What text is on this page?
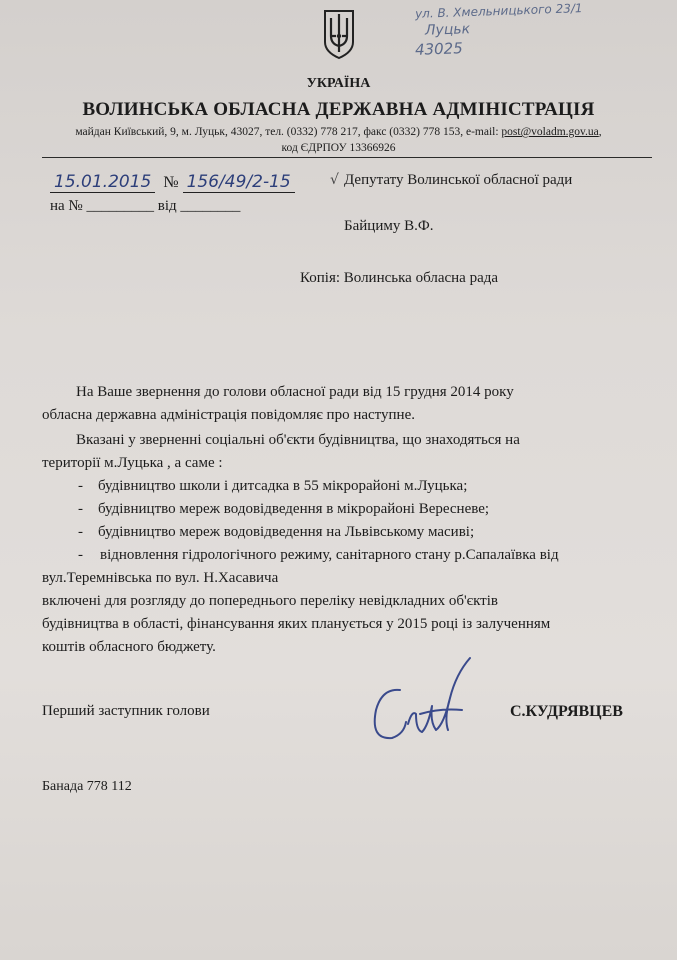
ул. В. Хмельницького 23/1
Луцьк
43025
УКРАЇНА
ВОЛИНСЬКА ОБЛАСНА ДЕРЖАВНА АДМІНІСТРАЦІЯ
майдан Київський, 9, м. Луцьк, 43027, тел. (0332) 778 217, факс (0332) 778 153, e-mail: post@voladm.gov.ua,
код ЄДРПОУ 13366926
15.01.2015 № 156/49/2-15
на № _________ від ________
√ Депутату Волинської обласної ради
Байциму В.Ф.
Копія: Волинська обласна рада
На Ваше звернення до голови обласної ради від 15 грудня 2014 року
обласна державна адміністрація повідомляє про наступне.
Вказані у зверненні соціальні об'єкти будівництва, що знаходяться на
території м.Луцька , а саме :
- будівництво школи і дитсадка в 55 мікрорайоні м.Луцька;
- будівництво мереж водовідведення в мікрорайоні Вересневе;
- будівництво мереж водовідведення на Львівському масиві;
- відновлення гідрологічного режиму, санітарного стану р.Сапалаївка від
вул.Теремнівська по вул. Н.Хасавича
включені для розгляду до попереднього переліку невідкладних об'єктів
будівництва в області, фінансування яких планується у 2015 році із залученням
коштів обласного бюджету.
Перший заступник голови	С.КУДРЯВЦЕВ
Банада 778 112
